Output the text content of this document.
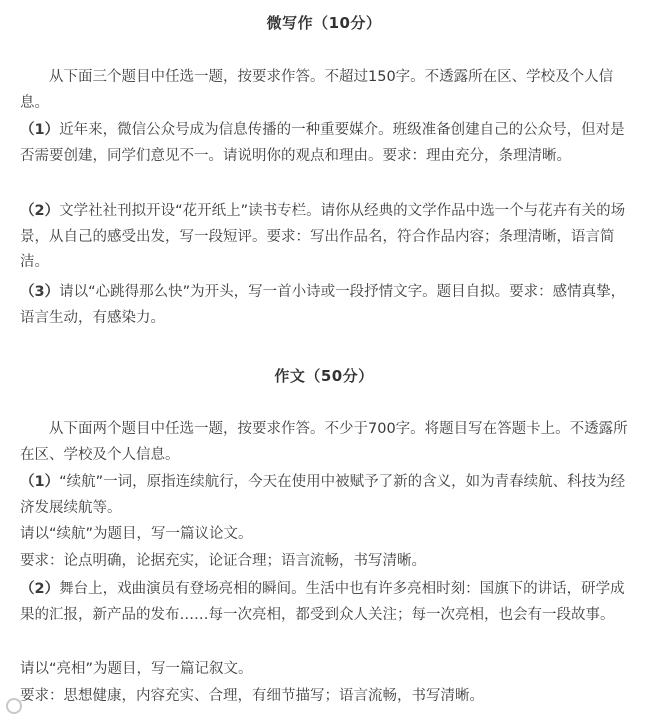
微写作（10分）

从下面三个题目中任选一题，按要求作答。不超过150字。不透露所在区、学校及个人信息。

（1）近年来，微信公众号成为信息传播的一种重要媒介。班级准备创建自己的公众号，但对是否需要创建，同学们意见不一。请说明你的观点和理由。要求：理由充分，条理清晰。

（2）文学社社刊拟开设“花开纸上”读书专栏。请你从经典的文学作品中选一个与花卉有关的场景，从自己的感受出发，写一段短评。要求：写出作品名，符合作品内容；条理清晰，语言简洁。

（3）请以“心跳得那么快”为开头，写一首小诗或一段抒情文字。题目自拟。要求：感情真挚，语言生动，有感染力。

作文（50分）

从下面两个题目中任选一题，按要求作答。不少于700字。将题目写在答题卡上。不透露所在区、学校及个人信息。

（1）“续航”一词，原指连续航行，今天在使用中被赋予了新的含义，如为青春续航、科技为经济发展续航等。

请以“续航”为题目，写一篇议论文。

要求：论点明确，论据充实，论证合理；语言流畅，书写清晰。

（2）舞台上，戏曲演员有登场亮相的瞬间。生活中也有许多亮相时刻：国旗下的讲话，研学成果的汇报，新产品的发布……每一次亮相，都受到众人关注；每一次亮相，也会有一段故事。

请以“亮相”为题目，写一篇记叙文。

要求：思想健康，内容充实、合理，有细节描写；语言流畅，书写清晰。
